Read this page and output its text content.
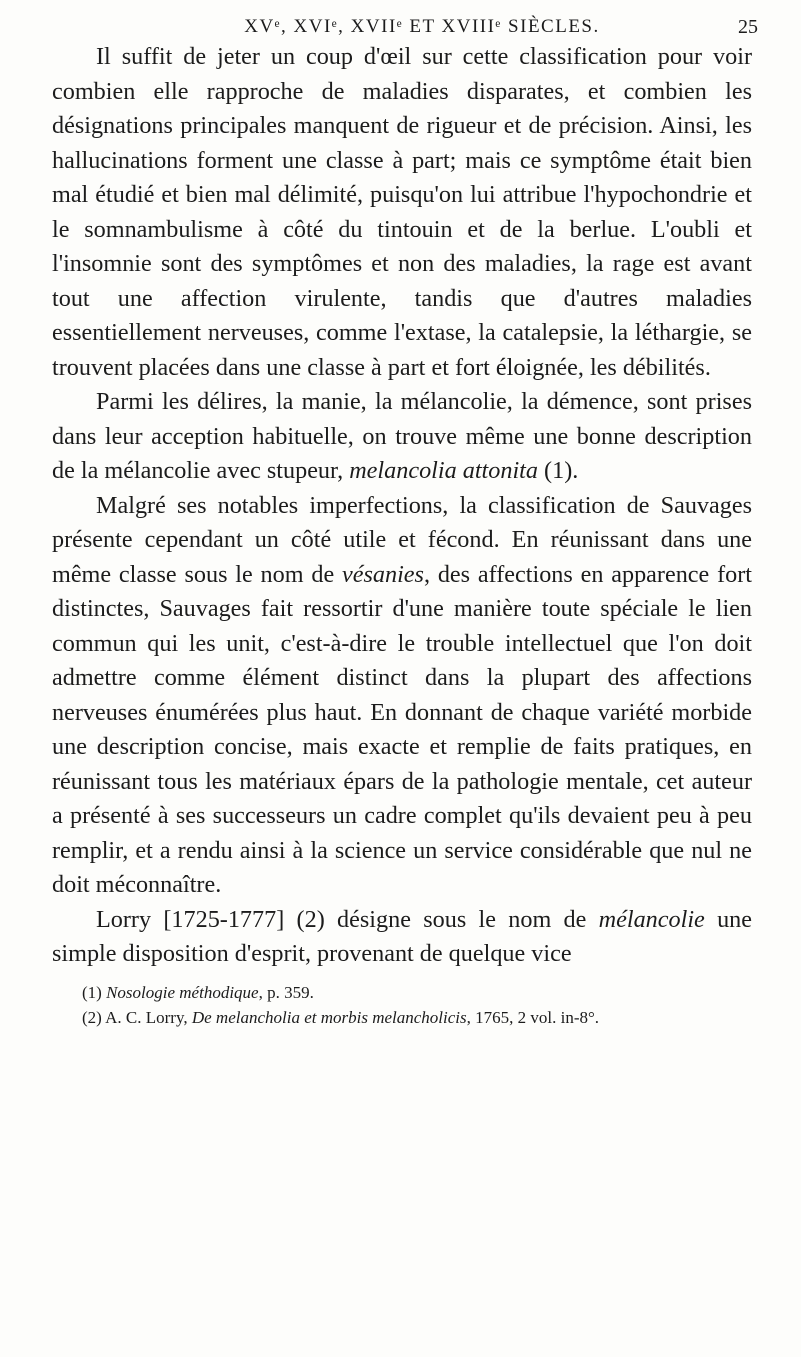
XVᵉ, XVIᵉ, XVIIᵉ ET XVIIIᵉ SIÈCLES.	25

Il suffit de jeter un coup d'œil sur cette classification pour voir combien elle rapproche de maladies disparates, et combien les désignations principales manquent de rigueur et de précision. Ainsi, les hallucinations forment une classe à part; mais ce symptôme était bien mal étudié et bien mal délimité, puisqu'on lui attribue l'hypochondrie et le somnambulisme à côté du tintouin et de la berlue. L'oubli et l'insomnie sont des symptômes et non des maladies, la rage est avant tout une affection virulente, tandis que d'autres maladies essentiellement nerveuses, comme l'extase, la catalepsie, la léthargie, se trouvent placées dans une classe à part et fort éloignée, les débilités.

Parmi les délires, la manie, la mélancolie, la démence, sont prises dans leur acception habituelle, on trouve même une bonne description de la mélancolie avec stupeur, melancolia attonita (1).

Malgré ses notables imperfections, la classification de Sauvages présente cependant un côté utile et fécond. En réunissant dans une même classe sous le nom de vésanies, des affections en apparence fort distinctes, Sauvages fait ressortir d'une manière toute spéciale le lien commun qui les unit, c'est-à-dire le trouble intellectuel que l'on doit admettre comme élément distinct dans la plupart des affections nerveuses énumérées plus haut. En donnant de chaque variété morbide une description concise, mais exacte et remplie de faits pratiques, en réunissant tous les matériaux épars de la pathologie mentale, cet auteur a présenté à ses successeurs un cadre complet qu'ils devaient peu à peu remplir, et a rendu ainsi à la science un service considérable que nul ne doit méconnaître.

Lorry [1725-1777] (2) désigne sous le nom de mélancolie une simple disposition d'esprit, provenant de quelque vice

(1) Nosologie méthodique, p. 359.
(2) A. C. Lorry, De melancholia et morbis melancholicis, 1765, 2 vol. in-8°.
